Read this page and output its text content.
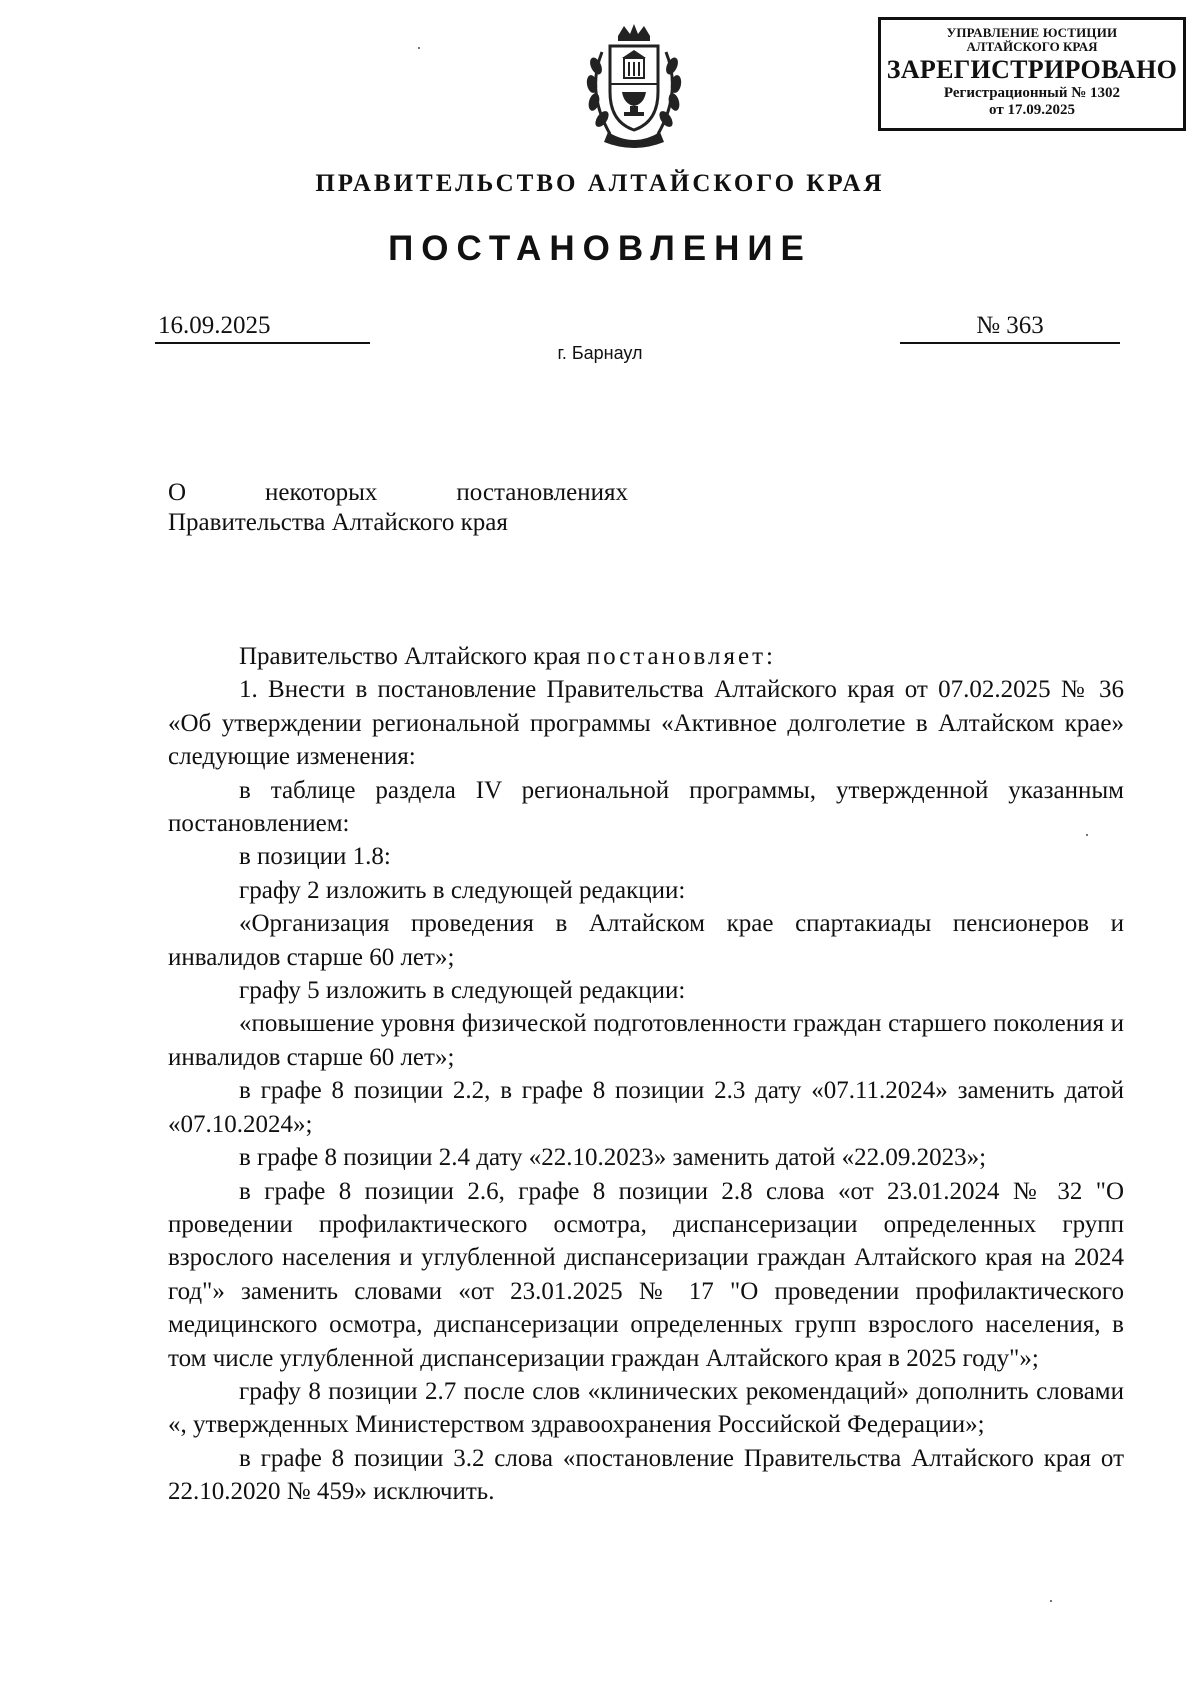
УПРАВЛЕНИЕ ЮСТИЦИИ
АЛТАЙСКОГО КРАЯ
ЗАРЕГИСТРИРОВАНО
Регистрационный № 1302
от 17.09.2025
ПРАВИТЕЛЬСТВО АЛТАЙСКОГО КРАЯ
ПОСТАНОВЛЕНИЕ
16.09.2025	№ 363
г. Барнаул
О некоторых постановлениях Правительства Алтайского края

Правительство Алтайского края постановляет:

1. Внести в постановление Правительства Алтайского края от 07.02.2025 № 36 «Об утверждении региональной программы «Активное долголетие в Алтайском крае» следующие изменения:

в таблице раздела IV региональной программы, утвержденной указанным постановлением:

в позиции 1.8:

графу 2 изложить в следующей редакции:

«Организация проведения в Алтайском крае спартакиады пенсионеров и инвалидов старше 60 лет»;

графу 5 изложить в следующей редакции:

«повышение уровня физической подготовленности граждан старшего поколения и инвалидов старше 60 лет»;

в графе 8 позиции 2.2, в графе 8 позиции 2.3 дату «07.11.2024» заменить датой «07.10.2024»;

в графе 8 позиции 2.4 дату «22.10.2023» заменить датой «22.09.2023»;

в графе 8 позиции 2.6, графе 8 позиции 2.8 слова «от 23.01.2024 № 32 "О проведении профилактического осмотра, диспансеризации определенных групп взрослого населения и углубленной диспансеризации граждан Алтайского края на 2024 год"» заменить словами «от 23.01.2025 № 17 "О проведении профилактического медицинского осмотра, диспансеризации определенных групп взрослого населения, в том числе углубленной диспансеризации граждан Алтайского края в 2025 году"»;

графу 8 позиции 2.7 после слов «клинических рекомендаций» дополнить словами «, утвержденных Министерством здравоохранения Российской Федерации»;

в графе 8 позиции 3.2 слова «постановление Правительства Алтайского края от 22.10.2020 № 459» исключить.
